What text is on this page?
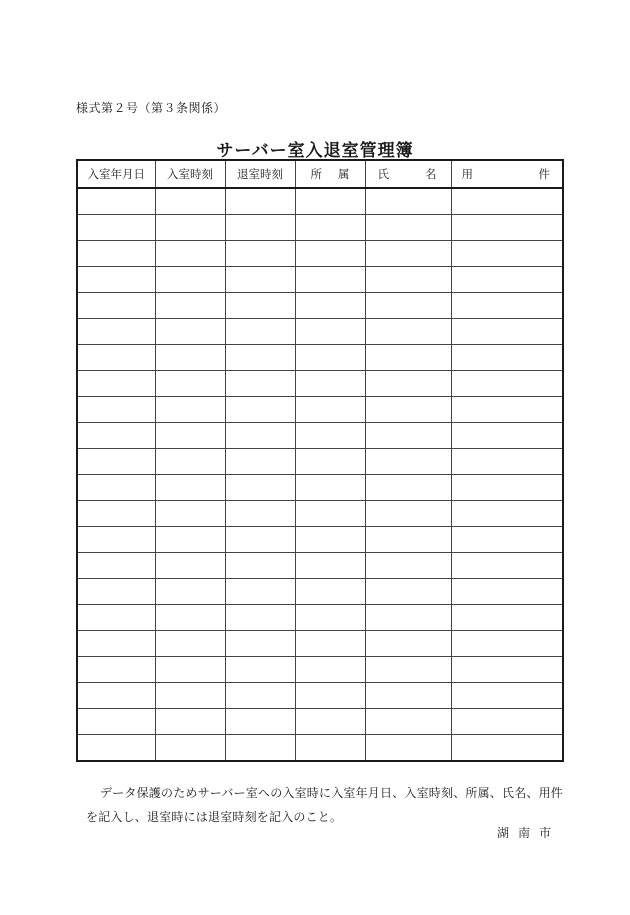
様式第２号（第３条関係）
サーバー室入退室管理簿
入室年月日	入室時刻	退室時刻	所 属	氏 名	用 件

データ保護のためサーバー室への入室時に入室年月日、入室時刻、所属、氏名、用件を記入し、退室時には退室時刻を記入のこと。
湖南市
